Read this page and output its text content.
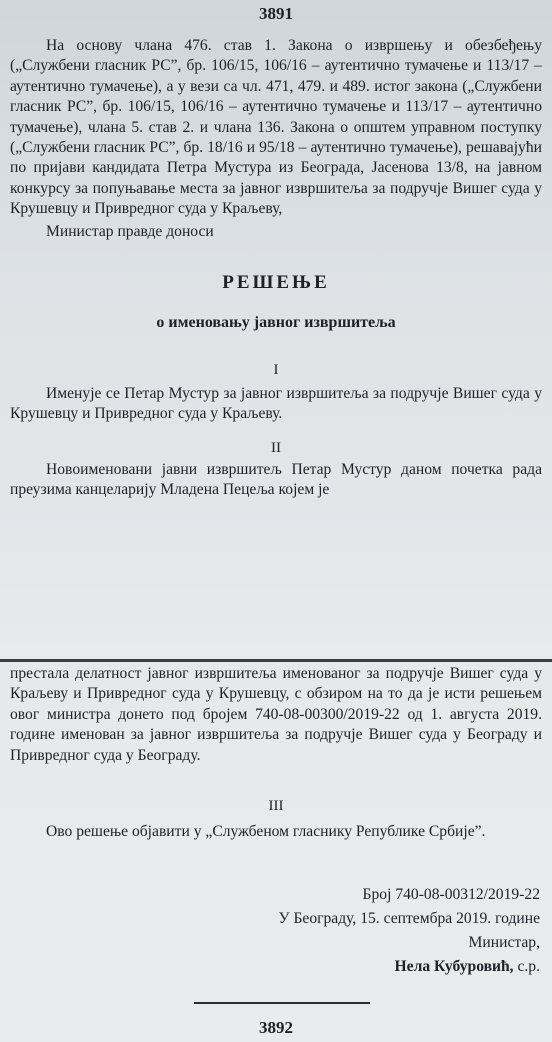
3891

На основу члана 476. став 1. Закона о извршењу и обезбеђењу („Службени гласник РС”, бр. 106/15, 106/16 – аутентично тумачење и 113/17 – аутентично тумачење), а у вези са чл. 471, 479. и 489. истог закона („Службени гласник РС”, бр. 106/15, 106/16 – аутентично тумачење и 113/17 – аутентично тумачење), члана 5. став 2. и члана 136. Закона о општем управном поступку („Службени гласник РС”, бр. 18/16 и 95/18 – аутентично тумачење), решавајући по пријави кандидата Петра Мустура из Београда, Јасенова 13/8, на јавном конкурсу за попуњавање места за јавног извршитеља за подручје Вишег суда у Крушевцу и Привредног суда у Краљеву,

Министар правде доноси

РЕШЕЊЕ
о именовању јавног извршитеља
I

Именује се Петар Мустур за јавног извршитеља за подручје Вишег суда у Крушевцу и Привредног суда у Краљеву.

II

Новоименовани јавни извршитељ Петар Мустур даном почетка рада преузима канцеларију Младена Пецеља којем је

престала делатност јавног извршитеља именованог за подручје Вишег суда у Краљеву и Привредног суда у Крушевцу, с обзиром на то да је исти решењем овог министра донето под бројем 740-08-00300/2019-22 од 1. августа 2019. године именован за јавног извршитеља за подручје Вишег суда у Београду и Привредног суда у Београду.

III

Ово решење објавити у „Службеном гласнику Републике Србије”.

Број 740-08-00312/2019-22
У Београду, 15. септембра 2019. године
Министар,
Нела Кубуровић, с.р.
3892
